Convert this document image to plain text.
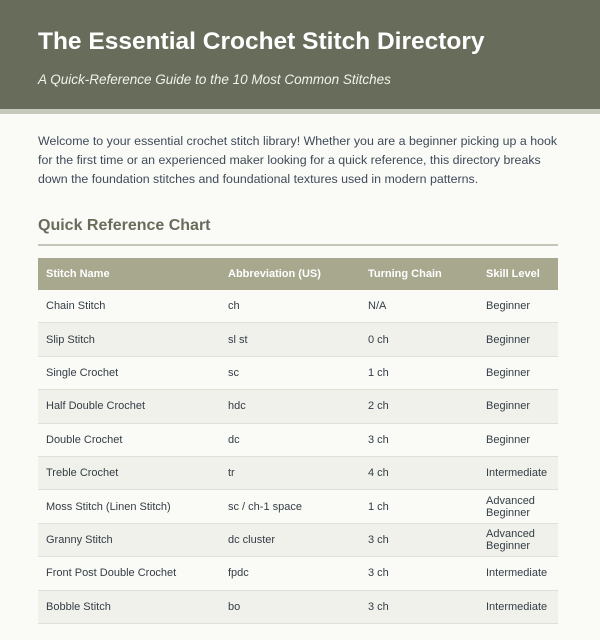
The Essential Crochet Stitch Directory
A Quick-Reference Guide to the 10 Most Common Stitches

Welcome to your essential crochet stitch library! Whether you are a beginner picking up a hook for the first time or an experienced maker looking for a quick reference, this directory breaks down the foundation stitches and foundational textures used in modern patterns.

Quick Reference Chart
Stitch Name	Abbreviation (US)	Turning Chain	Skill Level
Chain Stitch	ch	N/A	Beginner
Slip Stitch	sl st	0 ch	Beginner
Single Crochet	sc	1 ch	Beginner
Half Double Crochet	hdc	2 ch	Beginner
Double Crochet	dc	3 ch	Beginner
Treble Crochet	tr	4 ch	Intermediate
Moss Stitch (Linen Stitch)	sc / ch-1 space	1 ch	Advanced Beginner
Granny Stitch	dc cluster	3 ch	Advanced Beginner
Front Post Double Crochet	fpdc	3 ch	Intermediate
Bobble Stitch	bo	3 ch	Intermediate
